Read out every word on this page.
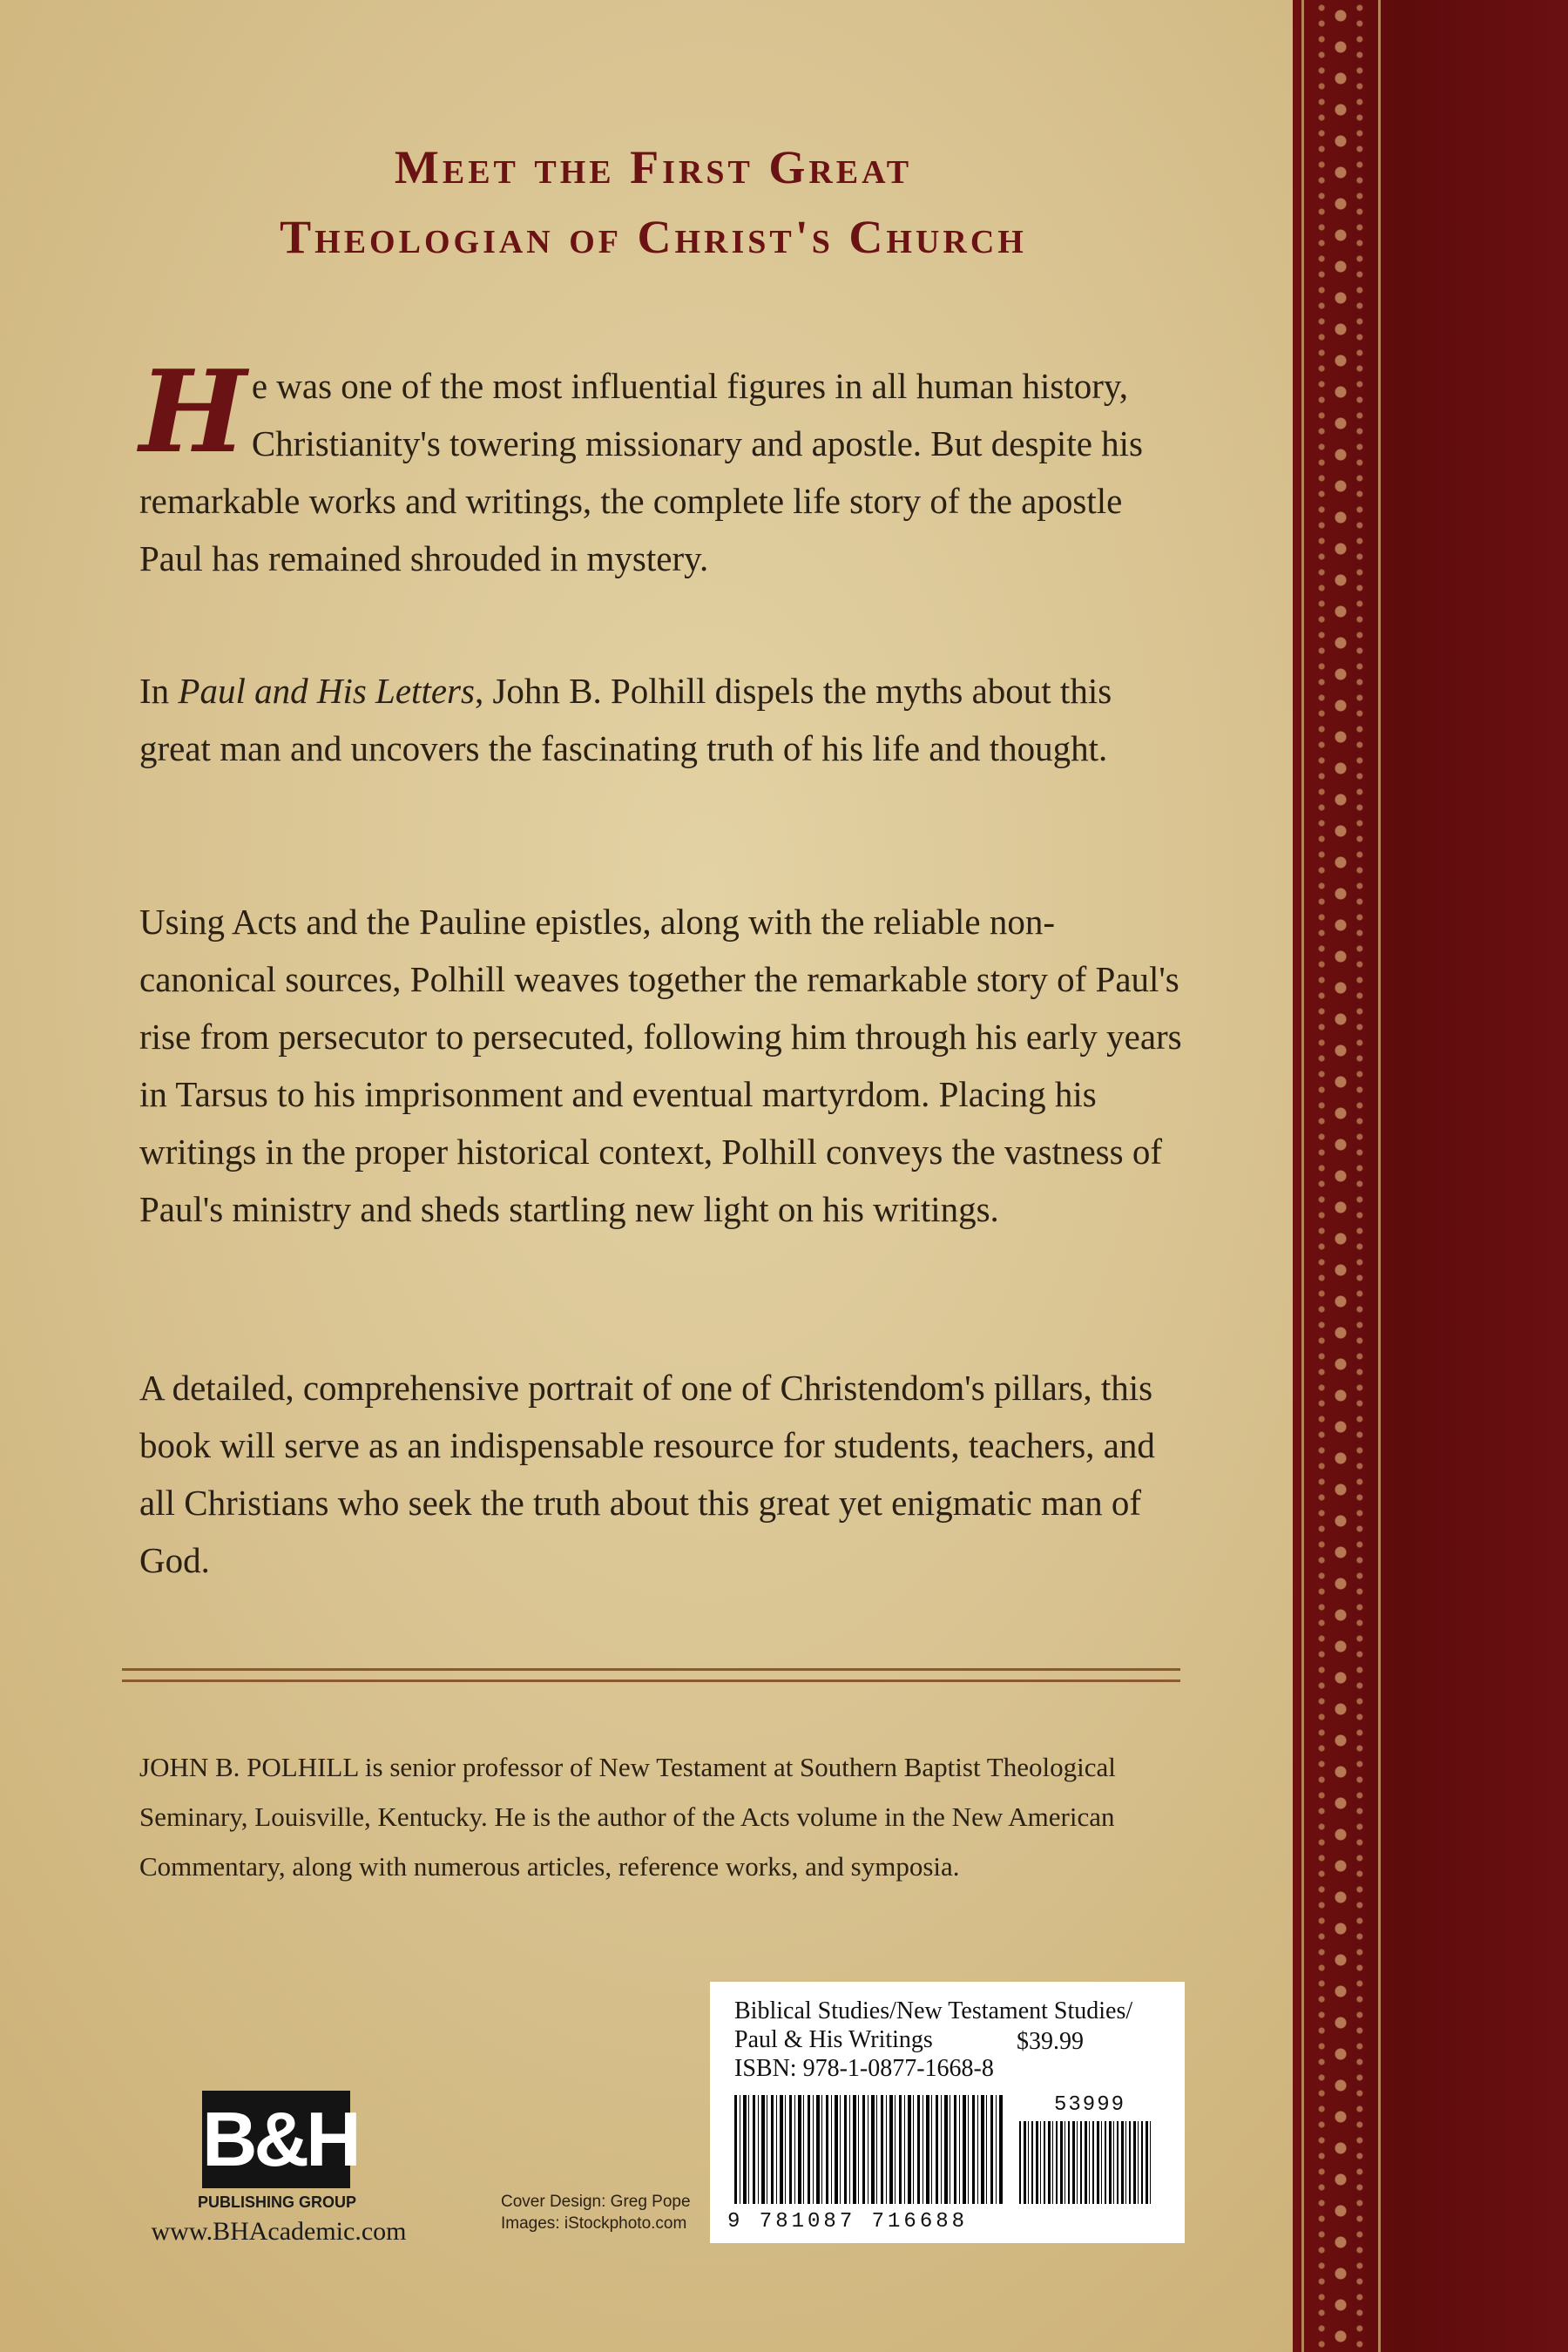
Meet the First Great
Theologian of Christ's Church

He was one of the most influential figures in all human history, Christianity's towering missionary and apostle. But despite his remarkable works and writings, the complete life story of the apostle Paul has remained shrouded in mystery.

In Paul and His Letters, John B. Polhill dispels the myths about this great man and uncovers the fascinating truth of his life and thought.

Using Acts and the Pauline epistles, along with the reliable non-canonical sources, Polhill weaves together the remarkable story of Paul's rise from persecutor to persecuted, following him through his early years in Tarsus to his imprisonment and eventual martyrdom. Placing his writings in the proper historical context, Polhill conveys the vastness of Paul's ministry and sheds startling new light on his writings.

A detailed, comprehensive portrait of one of Christendom's pillars, this book will serve as an indispensable resource for students, teachers, and all Christians who seek the truth about this great yet enigmatic man of God.

JOHN B. POLHILL is senior professor of New Testament at Southern Baptist Theological Seminary, Louisville, Kentucky. He is the author of the Acts volume in the New American Commentary, along with numerous articles, reference works, and symposia.

B&H
PUBLISHING GROUP
www.BHAcademic.com
Cover Design: Greg Pope
Images: iStockphoto.com
Biblical Studies/New Testament Studies/
Paul & His Writings	$39.99
ISBN: 978-1-0877-1668-8
53999
9 781087 716688
